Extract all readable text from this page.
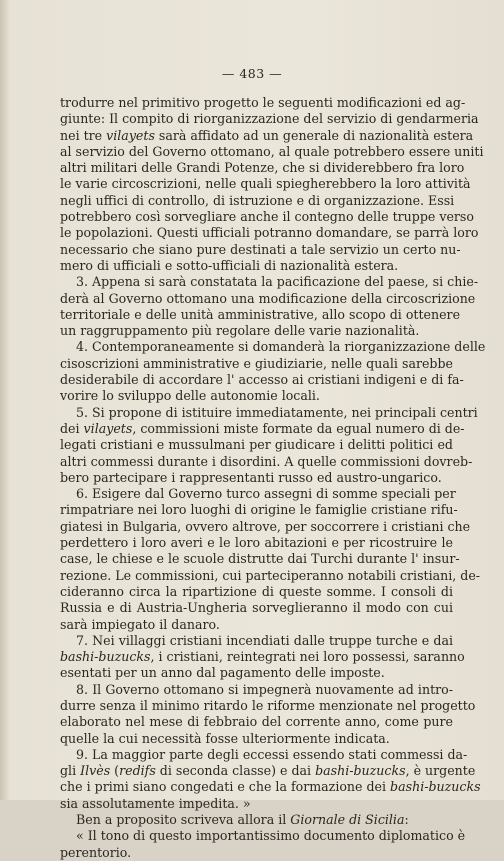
— 483 —
trodurre nel primitivo progetto le seguenti modificazioni ed ag-
giunte: Il compito di riorganizzazione del servizio di gendarmeria
nei tre vilayets sarà affidato ad un generale di nazionalità estera
al servizio del Governo ottomano, al quale potrebbero essere uniti
altri militari delle Grandi Potenze, che si dividerebbero fra loro
le varie circoscrizioni, nelle quali spiegherebbero la loro attività
negli uffici di controllo, di istruzione e di organizzazione. Essi
potrebbero così sorvegliare anche il contegno delle truppe verso
le popolazioni. Questi ufficiali potranno domandare, se parrà loro
necessario che siano pure destinati a tale servizio un certo nu-
mero di ufficiali e sotto-ufficiali di nazionalità estera.
3. Appena si sarà constatata la pacificazione del paese, si chie-
derà al Governo ottomano una modificazione della circoscrizione
territoriale e delle unità amministrative, allo scopo di ottenere
un raggruppamento più regolare delle varie nazionalità.
4. Contemporaneamente si domanderà la riorganizzazione delle
cisoscrizioni amministrative e giudiziarie, nelle quali sarebbe
desiderabile di accordare l' accesso ai cristiani indigeni e di fa-
vorire lo sviluppo delle autonomie locali.
5. Si propone di istituire immediatamente, nei principali centri
dei vilayets, commissioni miste formate da egual numero di de-
legati cristiani e mussulmani per giudicare i delitti politici ed
altri commessi durante i disordini. A quelle commissioni dovreb-
bero partecipare i rappresentanti russo ed austro-ungarico.
6. Esigere dal Governo turco assegni di somme speciali per
rimpatriare nei loro luoghi di origine le famiglie cristiane rifu-
giatesi in Bulgaria, ovvero altrove, per soccorrere i cristiani che
perdettero i loro averi e le loro abitazioni e per ricostruire le
case, le chiese e le scuole distrutte dai Turchi durante l' insur-
rezione. Le commissioni, cui parteciperanno notabili cristiani, de-
cideranno circa la ripartizione di queste somme. I consoli di
Russia e di Austria-Ungheria sorveglieranno il modo con cui
sarà impiegato il danaro.
7. Nei villaggi cristiani incendiati dalle truppe turche e dai
bashi-buzucks, i cristiani, reintegrati nei loro possessi, saranno
esentati per un anno dal pagamento delle imposte.
8. Il Governo ottomano si impegnerà nuovamente ad intro-
durre senza il minimo ritardo le riforme menzionate nel progetto
elaborato nel mese di febbraio del corrente anno, come pure
quelle la cui necessità fosse ulteriormente indicata.
9. La maggior parte degli eccessi essendo stati commessi da-
gli Ilvès (redifs di seconda classe) e dai bashi-buzucks, è urgente
che i primi siano congedati e che la formazione dei bashi-buzucks
sia assolutamente impedita. »
Ben a proposito scriveva allora il Giornale di Sicilia:
« Il tono di questo importantissimo documento diplomatico è
perentorio.
